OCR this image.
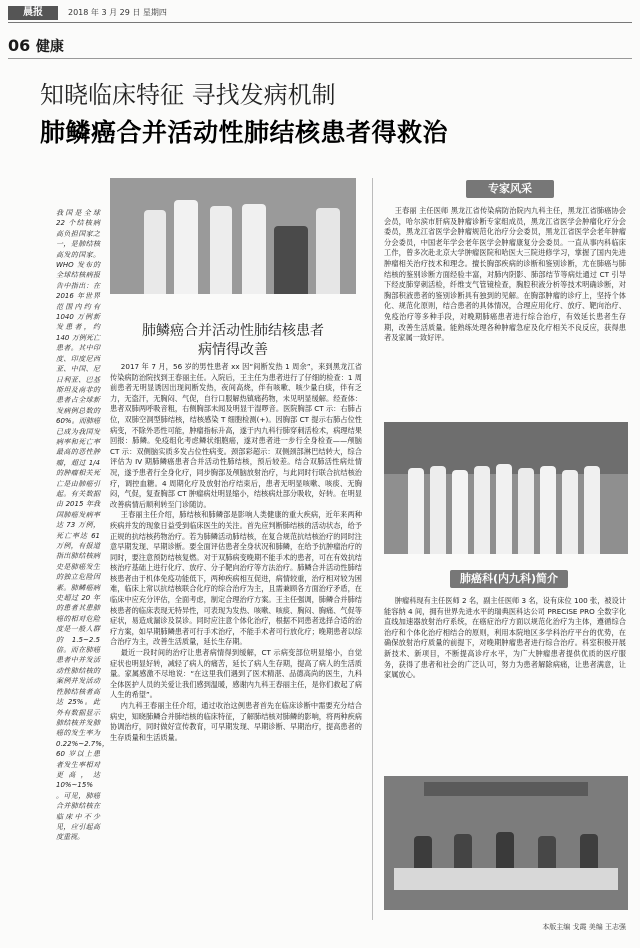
晨报	2018 年 3 月 29 日 星期四
06 健康
知晓临床特征 寻找发病机制
肺鳞癌合并活动性肺结核患者得救治

我国是全球 22 个结核病高负担国家之一，是肺结核高发的国家。WHO 发布的全球结核病报告中指出：在 2016 年世界范围内约有 1040 万例新发患者，约 140 万例死亡患者。其中印度、印度尼西亚、中国、尼日利亚、巴基斯坦及南非的患者占全球新发病例总数的 60%。而肺癌已成为我国发病率和死亡率最高的恶性肿瘤，超过 1/4 的肿瘤相关死亡是由肺癌引起。有关数据由 2015 年我国肺癌发病率达 73 万例，死亡率达 61 万例，有报道指出肺结核病史是肺癌发生的独立危险因素。肺鳞癌病史超过 20 年的患者其患肺癌的相对危险度是一般人群的 1.5~2.5 倍。而在肺癌患者中并发活动性肺结核的案例并发活动性肺结核者高达 25%。此外有数据显示肺结核并发肺癌的发生率为 0.22%~2.7%，60 岁以上患者发生率相对更高，达 10%~15% 。可见，肺癌合并肺结核在临床中不少见，应引起高度重视。

肺鳞癌合并活动性肺结核患者
病情得改善

2017 年 7 月，56 岁的男性患者 xx 因“间断发热 1 周余”，来到黑龙江省传染病防治院找到王春丽主任。入院后，王主任为患者进行了仔细的检查：1 周前患者无明显诱因出现间断发热，夜间高烧，伴有咳嗽、咳少量白痰，伴有乏力，无盗汗，无胸闷、气促，自行口服解热镇痛药物，未见明显缓解。经查体：患者双肺两呼吸音粗，右侧胸部未闻及明显干湿啰音。医院胸部 CT 示：右肺占位，双肺空洞型肺结核，结核感染 T 细胞检测(+)。因胸部 CT 提示右肺占位性病变，不除外恶性可能，肿瘤指标升高，遂于内九科行肺穿刺活检术，病理结果回报：肺鳞。免疫组化考虑鳞状细胞癌，遂对患者进一步行全身检查——颅脑 CT 示：双侧脑实质多发占位性病变。颈部彩超示：双侧颈部淋巴结转大，综合评估为 IV 期肺鳞癌患者合并活动性肺结核，预后较差。结合双肺活性病灶情况，遂予患者行全身化疗，同步胸部及颅脑放射治疗，与此同时行联合抗结核治疗，调控血糖。4 周期化疗及放射治疗结束后，患者无明显咳嗽、咳痰、无胸闷，气促，复查胸部 CT 肿瘤病灶明显缩小，结核病灶部分吸收，好转。在明显改善病情后顺利转至门诊随访。

王春丽主任介绍，肺结核和肺鳞部是影响人类健康的重大疾病，近年来两种疾病并发的现象日益受到临床医生的关注。首先应判断肺结核的活动状态，给予正规的抗结核药物治疗。若为肺鳞活动肺结核，在复合规范抗结核治疗的同时注意早期发现、早期诊断。要全面评估患者全身状况和肺鳞，在给予抗肿瘤治疗的同时，要注意预防结核复燃。对于双肺病变晚期不能手术的患者，可在有效抗结核治疗基础上进行化疗、放疗、分子靶向治疗等方法治疗。肺鳞合并活动性肺结核患者由于机体免疫功能低下，两种疾病相互促进，病情较重，治疗相对较为困难，临床上常以抗结核联合化疗的综合治疗为主，且需兼顾各方面治疗矛盾，在临床中应充分评估，全面考虑，制定合理治疗方案。王主任强调，肺鳞合并肺结核患者的临床表现无特异性，可表现为发热、咳嗽、咳痰、胸闷、胸痛、气促等症状，易造成漏诊及误诊。同时应注意个体化治疗，根据不同患者选择合适的治疗方案，如早期肺鳞患者可行手术治疗，不能手术者可行放化疗；晚期患者以综合治疗为主，改善生活质量，延长生存期。

最近一段时间的治疗让患者病情得到缓解，CT 示病变部位明显缩小，自觉症状也明显好转，减轻了病人的痛苦，延长了病人生存期，提高了病人的生活质量。家属感激不尽地说：“在这里我们遇到了医术精湛、品德高尚的医生，九科全体医护人员的关爱让我们感到温暖，感谢内九科王春丽主任，是你们救起了病人生的希望”。

内九科王春丽主任介绍，通过收治这例患者首先在临床诊断中需要充分结合病史，知晓肺鳞合并肺结核的临床特征，了解肺结核对肺鳞的影响，将两种疾病协调治疗，同时做好宣传教育，可早期发现、早期诊断、早期治疗，提高患者的生存质量和生活质量。

专家风采

王春丽 主任医师 黑龙江省传染病防治院内九科主任，黑龙江省肺癌协会会员，哈尔滨市肝病及肿瘤诊断专家组成员，黑龙江省医学会肿瘤化疗分会委员，黑龙江省医学会肿瘤规范化治疗分会委员，黑龙江省医学会老年肿瘤分会委员，中国老年学会老年医学会肿瘤康复分会委员。一直从事内科临床工作，曾多次赴北京大学肿瘤医院和哈医大三院进修学习，掌握了国内先进肿瘤相关治疗技术和理念。擅长胸部疾病的诊断和鉴别诊断，尤在肺癌与肺结核的鉴别诊断方面经验丰富，对肺内阴影、肺部结节等病灶通过 CT 引导下经皮肺穿刺活检，纤维支气管镜检查，胸腔积液分析等技术明确诊断，对胸部积液患者的鉴别诊断具有独到的见解。在胸部肿瘤的诊疗上，坚持个体化、规范化原则，结合患者的具体情况，合理应用化疗、放疗、靶向治疗、免疫治疗等多种手段，对晚期肺癌患者进行综合治疗，有效延长患者生存期，改善生活质量。能熟练处理各种肿瘤急症及化疗相关不良反应，获得患者及家属一致好评。

肺癌科(内九科)简介

肿瘤科现有主任医师 2 名，副主任医师 3 名，设有床位 100 张，被设计能容纳 4 间，拥有世界先进水平的瑞典医科达公司 PRECISE PRO 全数字化直线加速器放射治疗系统，在癌症治疗方面以规范化治疗为主体，遵循综合治疗和个体化治疗相结合的原则，利用本院地区多学科治疗平台的优势，在确保放射治疗质量的前提下，对晚期肿瘤患者进行综合治疗。科室积极开展新技术、新项目，不断提高诊疗水平，为广大肿瘤患者提供优质的医疗服务，获得了患者和社会的广泛认可，努力为患者解除病痛，让患者满意，让家属放心。

本版主编 戈霞 美编 王志强
